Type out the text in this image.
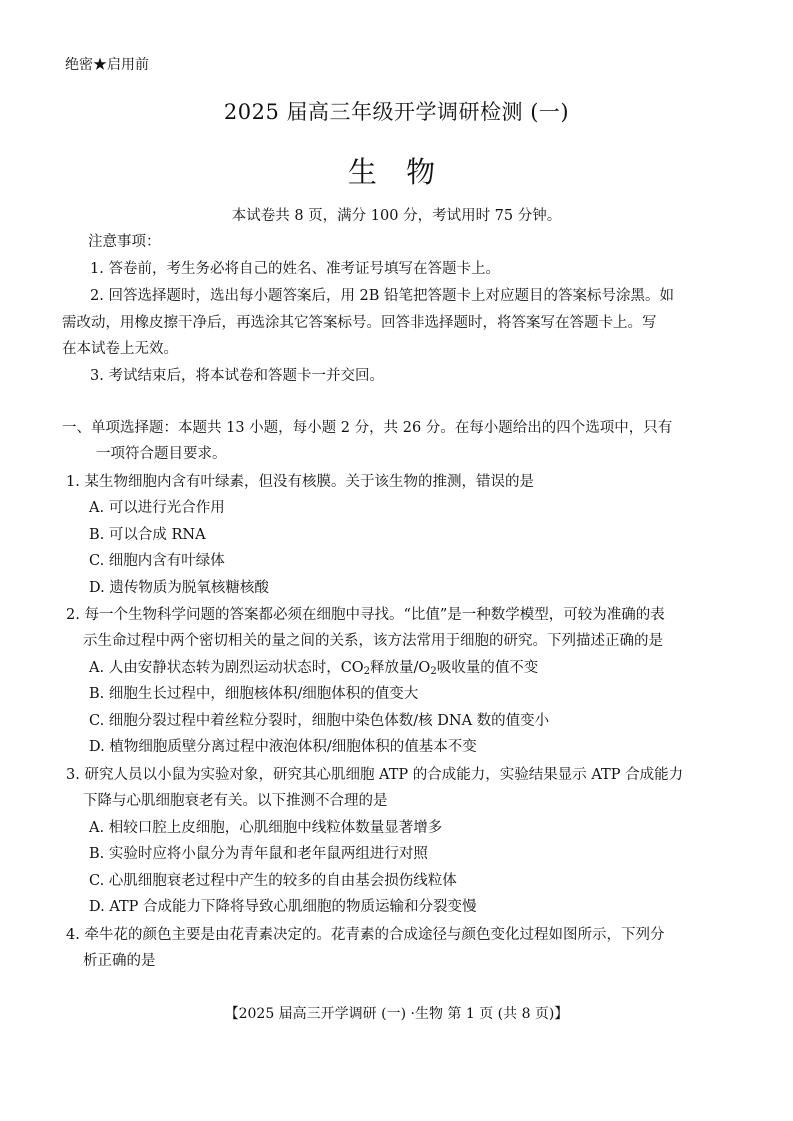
绝密★启用前
2025 届高三年级开学调研检测 (一)
生 物
本试卷共 8 页，满分 100 分，考试用时 75 分钟。
注意事项：
1. 答卷前，考生务必将自己的姓名、准考证号填写在答题卡上。
2. 回答选择题时，选出每小题答案后，用 2B 铅笔把答题卡上对应题目的答案标号涂黑。如
需改动，用橡皮擦干净后，再选涂其它答案标号。回答非选择题时，将答案写在答题卡上。写
在本试卷上无效。
3. 考试结束后，将本试卷和答题卡一并交回。
一、单项选择题：本题共 13 小题，每小题 2 分，共 26 分。在每小题给出的四个选项中，只有
一项符合题目要求。
1. 某生物细胞内含有叶绿素，但没有核膜。关于该生物的推测，错误的是
A. 可以进行光合作用
B. 可以合成 RNA
C. 细胞内含有叶绿体
D. 遗传物质为脱氧核糖核酸
2. 每一个生物科学问题的答案都必须在细胞中寻找。“比值”是一种数学模型，可较为准确的表
示生命过程中两个密切相关的量之间的关系，该方法常用于细胞的研究。下列描述正确的是
A. 人由安静状态转为剧烈运动状态时，$CO_2$释放量$/O_2$吸收量的值不变
B. 细胞生长过程中，细胞核体积/细胞体积的值变大
C. 细胞分裂过程中着丝粒分裂时，细胞中染色体数/核 DNA 数的值变小
D. 植物细胞质壁分离过程中液泡体积/细胞体积的值基本不变
3. 研究人员以小鼠为实验对象，研究其心肌细胞 ATP 的合成能力，实验结果显示 ATP 合成能力
下降与心肌细胞衰老有关。以下推测不合理的是
A. 相较口腔上皮细胞，心肌细胞中线粒体数量显著增多
B. 实验时应将小鼠分为青年鼠和老年鼠两组进行对照
C. 心肌细胞衰老过程中产生的较多的自由基会损伤线粒体
D. ATP 合成能力下降将导致心肌细胞的物质运输和分裂变慢
4. 牵牛花的颜色主要是由花青素决定的。花青素的合成途径与颜色变化过程如图所示，下列分
析正确的是
【2025 届高三开学调研 (一) ·生物 第 1 页 (共 8 页)】
